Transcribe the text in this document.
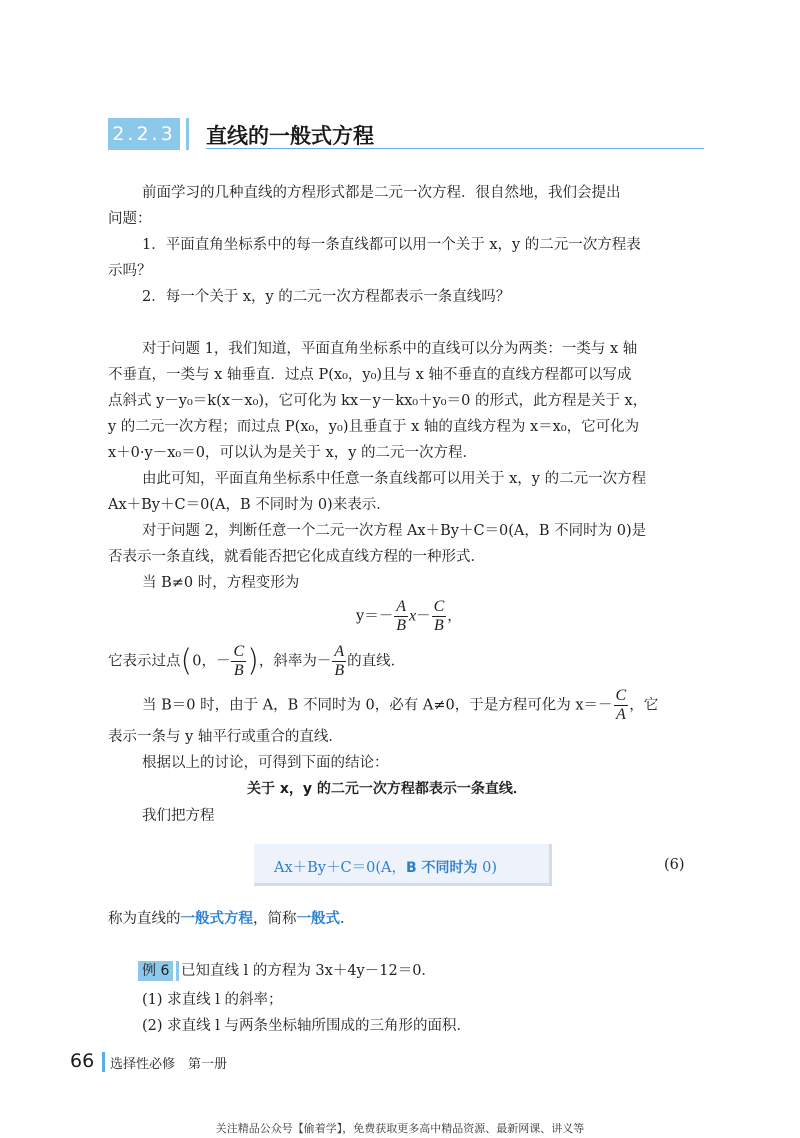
2.2.3 直线的一般式方程
前面学习的几种直线的方程形式都是二元一次方程．很自然地，我们会提出
问题：
1．平面直角坐标系中的每一条直线都可以用一个关于 x，y 的二元一次方程表
示吗？
2．每一个关于 x，y 的二元一次方程都表示一条直线吗？
对于问题 1，我们知道，平面直角坐标系中的直线可以分为两类：一类与 x 轴
不垂直，一类与 x 轴垂直．过点 P(x₀，y₀)且与 x 轴不垂直的直线方程都可以写成
点斜式 y－y₀＝k(x－x₀)，它可化为 kx－y－kx₀＋y₀＝0 的形式，此方程是关于 x，
y 的二元一次方程；而过点 P(x₀，y₀)且垂直于 x 轴的直线方程为 x＝x₀，它可化为
x＋0·y－x₀＝0，可以认为是关于 x，y 的二元一次方程．
由此可知，平面直角坐标系中任意一条直线都可以用关于 x，y 的二元一次方程
Ax＋By＋C＝0(A，B 不同时为 0)来表示．
对于问题 2，判断任意一个二元一次方程 Ax＋By＋C＝0(A，B 不同时为 0)是
否表示一条直线，就看能否把它化成直线方程的一种形式．
当 B≠0 时，方程变形为
$y=- \frac{A}{B} x- \frac{C}{B}$ ，
它表示过点(0，－ $\frac{C}{B}$ )，斜率为－ $\frac{A}{B}$ 的直线．
当 B＝0 时，由于 A，B 不同时为 0，必有 A≠0，于是方程可化为 $x=- \frac{C}{A}$ ，它
表示一条与 y 轴平行或重合的直线．
根据以上的讨论，可得到下面的结论：
关于 x，y 的二元一次方程都表示一条直线．
我们把方程
Ax＋By＋C＝0(A，B 不同时为 0)	(6)
称为直线的一般式方程，简称一般式．
例 6 已知直线 l 的方程为 3x＋4y－12＝0．
(1) 求直线 l 的斜率；
(2) 求直线 l 与两条坐标轴所围成的三角形的面积．
66 选择性必修　第一册
关注精品公众号【偷着学】，免费获取更多高中精品资源、最新网课、讲义等
